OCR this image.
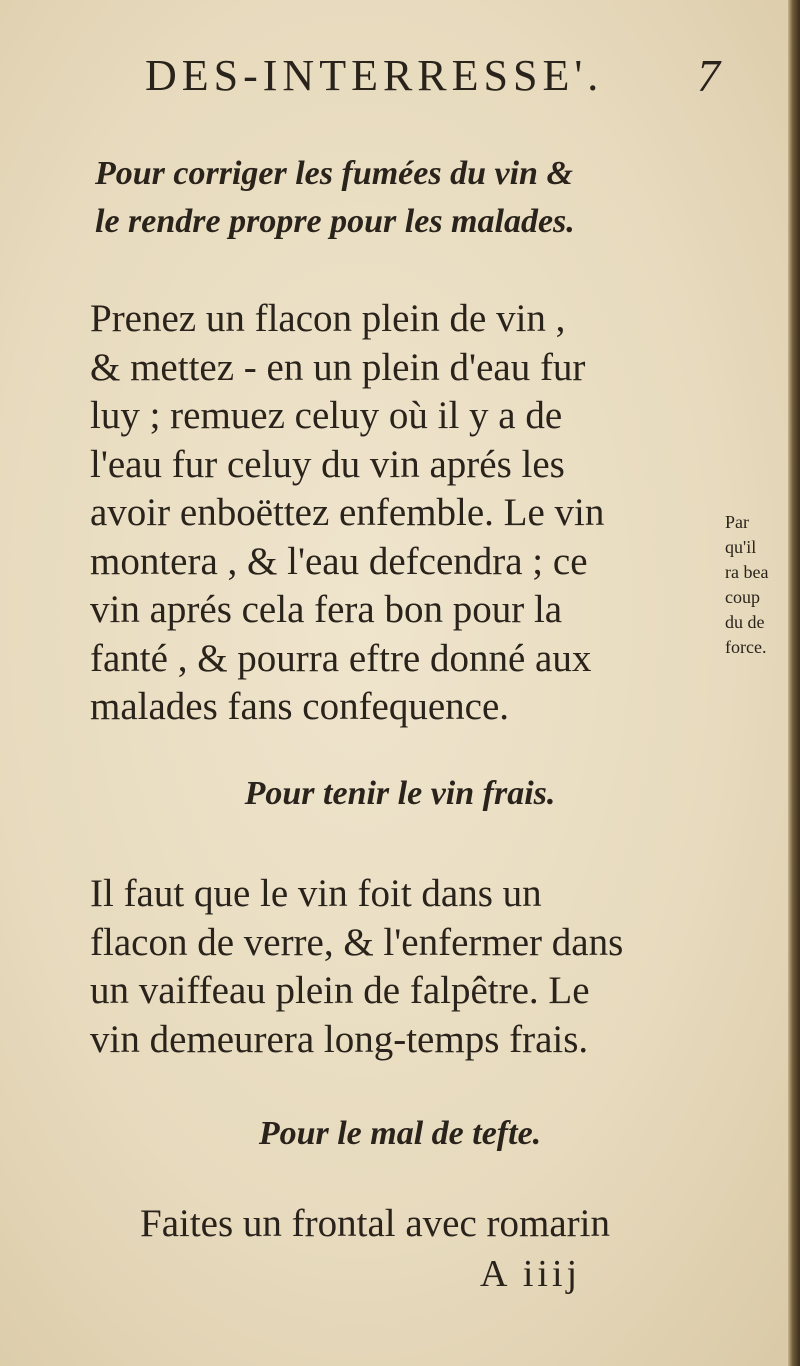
DES-INTERRESSE'. 7
Pour corriger les fumées du vin &

le rendre propre pour les malades.
Prenez un flacon plein de vin ,
& mettez - en un plein d'eau fur
luy ; remuez celuy où il y a de
l'eau fur celuy du vin aprés les
avoir enboëttez enfemble. Le vin
montera , & l'eau defcendra ; ce
vin aprés cela fera bon pour la
fanté , & pourra eftre donné aux
malades fans confequence.
Par
qu'il
ra bea
coup
du de
force.
Pour tenir le vin frais.
Il faut que le vin foit dans un
flacon de verre, & l'enfermer dans
un vaiffeau plein de falpêtre. Le
vin demeurera long-temps frais.
Pour le mal de tefte.
Faites un frontal avec romarin
A iiij
